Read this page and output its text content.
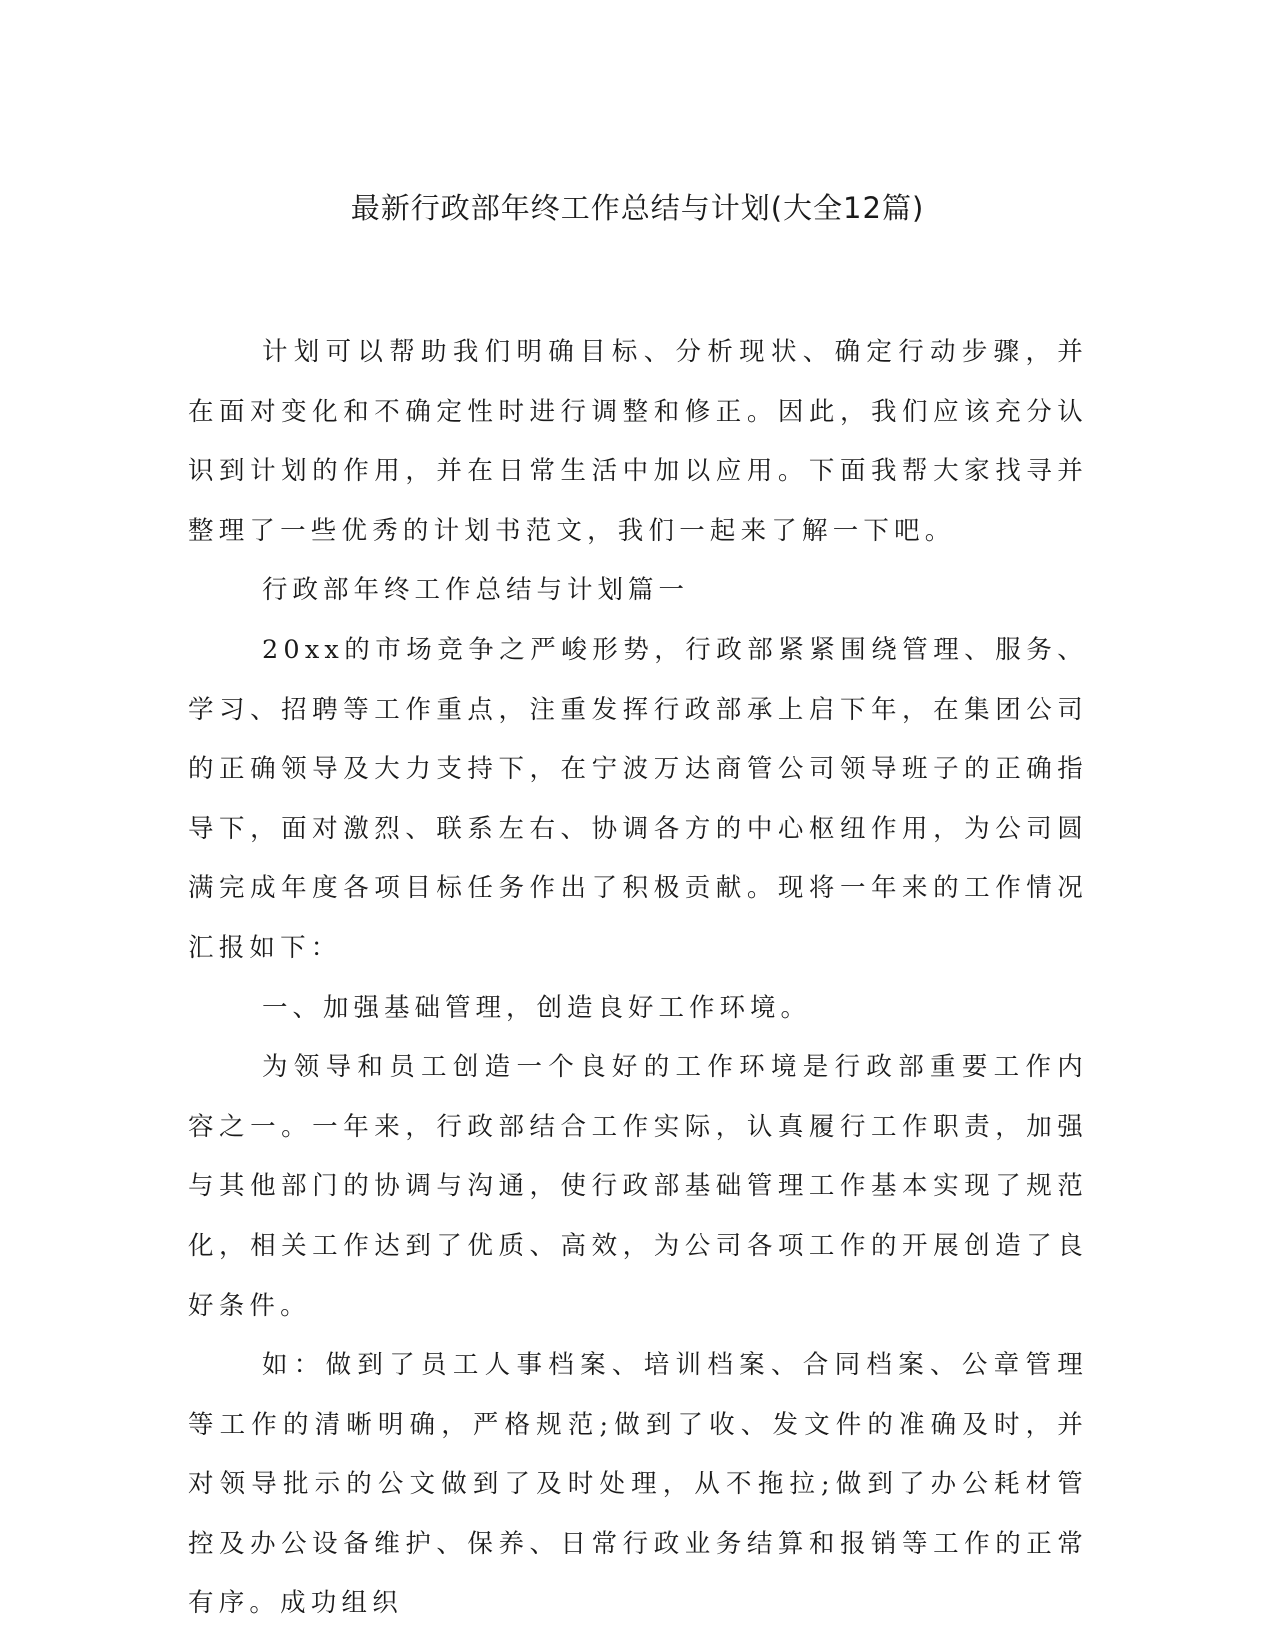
最新行政部年终工作总结与计划(大全12篇)

计划可以帮助我们明确目标、分析现状、确定行动步骤，并在面对变化和不确定性时进行调整和修正。因此，我们应该充分认识到计划的作用，并在日常生活中加以应用。下面我帮大家找寻并整理了一些优秀的计划书范文，我们一起来了解一下吧。

行政部年终工作总结与计划篇一

20xx的市场竞争之严峻形势，行政部紧紧围绕管理、服务、学习、招聘等工作重点，注重发挥行政部承上启下年，在集团公司的正确领导及大力支持下，在宁波万达商管公司领导班子的正确指导下，面对激烈、联系左右、协调各方的中心枢纽作用，为公司圆满完成年度各项目标任务作出了积极贡献。现将一年来的工作情况汇报如下：

一、加强基础管理，创造良好工作环境。

为领导和员工创造一个良好的工作环境是行政部重要工作内容之一。一年来，行政部结合工作实际，认真履行工作职责，加强与其他部门的协调与沟通，使行政部基础管理工作基本实现了规范化，相关工作达到了优质、高效，为公司各项工作的开展创造了良好条件。

如：做到了员工人事档案、培训档案、合同档案、公章管理等工作的清晰明确，严格规范;做到了收、发文件的准确及时，并对领导批示的公文做到了及时处理，从不拖拉;做到了办公耗材管控及办公设备维护、保养、日常行政业务结算和报销等工作的正常有序。成功组织
